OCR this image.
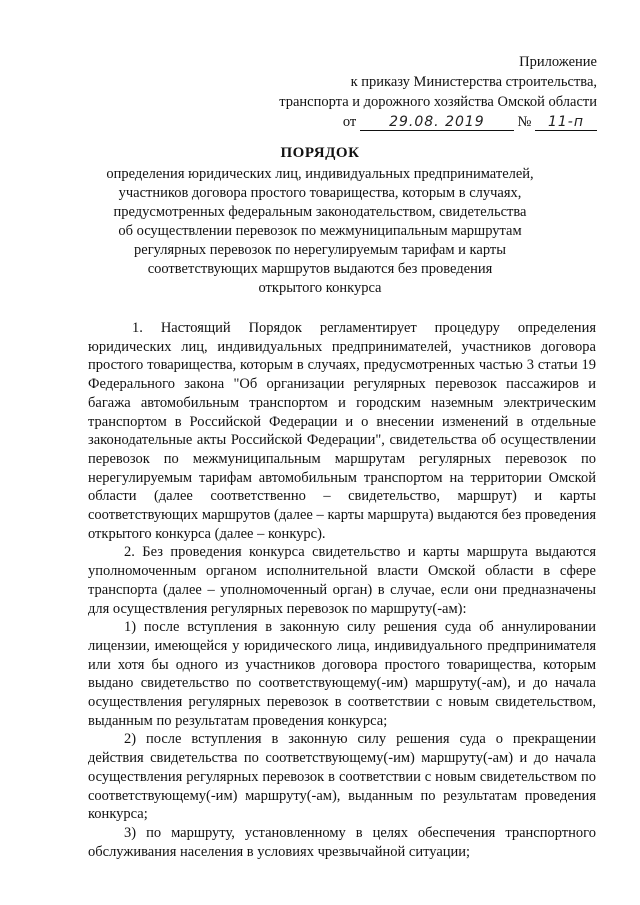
Приложение
к приказу Министерства строительства,
транспорта и дорожного хозяйства Омской области
от 29.08. 2019 № 11-п
ПОРЯДОК
определения юридических лиц, индивидуальных предпринимателей,
участников договора простого товарищества, которым в случаях,
предусмотренных федеральным законодательством, свидетельства
об осуществлении перевозок по межмуниципальным маршрутам
регулярных перевозок по нерегулируемым тарифам и карты
соответствующих маршрутов выдаются без проведения
открытого конкурса

1. Настоящий Порядок регламентирует процедуру определения юридических лиц, индивидуальных предпринимателей, участников договора простого товарищества, которым в случаях, предусмотренных частью 3 статьи 19 Федерального закона "Об организации регулярных перевозок пассажиров и багажа автомобильным транспортом и городским наземным электрическим транспортом в Российской Федерации и о внесении изменений в отдельные законодательные акты Российской Федерации", свидетельства об осуществлении перевозок по межмуниципальным маршрутам регулярных перевозок по нерегулируемым тарифам автомобильным транспортом на территории Омской области (далее соответственно – свидетельство, маршрут) и карты соответствующих маршрутов (далее – карты маршрута) выдаются без проведения открытого конкурса (далее – конкурс).

2. Без проведения конкурса свидетельство и карты маршрута выдаются уполномоченным органом исполнительной власти Омской области в сфере транспорта (далее – уполномоченный орган) в случае, если они предназначены для осуществления регулярных перевозок по маршруту(-ам):

1) после вступления в законную силу решения суда об аннулировании лицензии, имеющейся у юридического лица, индивидуального предпринимателя или хотя бы одного из участников договора простого товарищества, которым выдано свидетельство по соответствующему(-им) маршруту(-ам), и до начала осуществления регулярных перевозок в соответствии с новым свидетельством, выданным по результатам проведения конкурса;

2) после вступления в законную силу решения суда о прекращении действия свидетельства по соответствующему(-им) маршруту(-ам) и до начала осуществления регулярных перевозок в соответствии с новым свидетельством по соответствующему(-им) маршруту(-ам), выданным по результатам проведения конкурса;

3) по маршруту, установленному в целях обеспечения транспортного обслуживания населения в условиях чрезвычайной ситуации;
